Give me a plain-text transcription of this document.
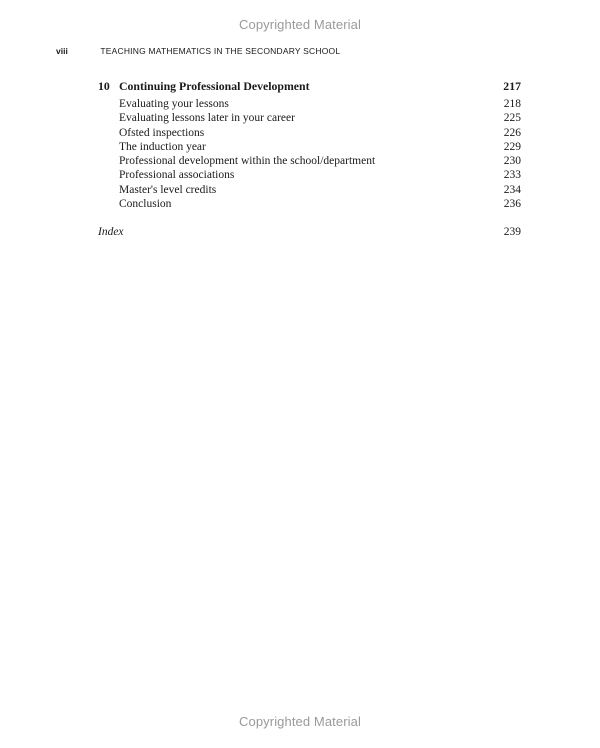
Copyrighted Material
viii	TEACHING MATHEMATICS IN THE SECONDARY SCHOOL
10 Continuing Professional Development	217
Evaluating your lessons	218
Evaluating lessons later in your career	225
Ofsted inspections	226
The induction year	229
Professional development within the school/department	230
Professional associations	233
Master's level credits	234
Conclusion	236
Index	239
Copyrighted Material
